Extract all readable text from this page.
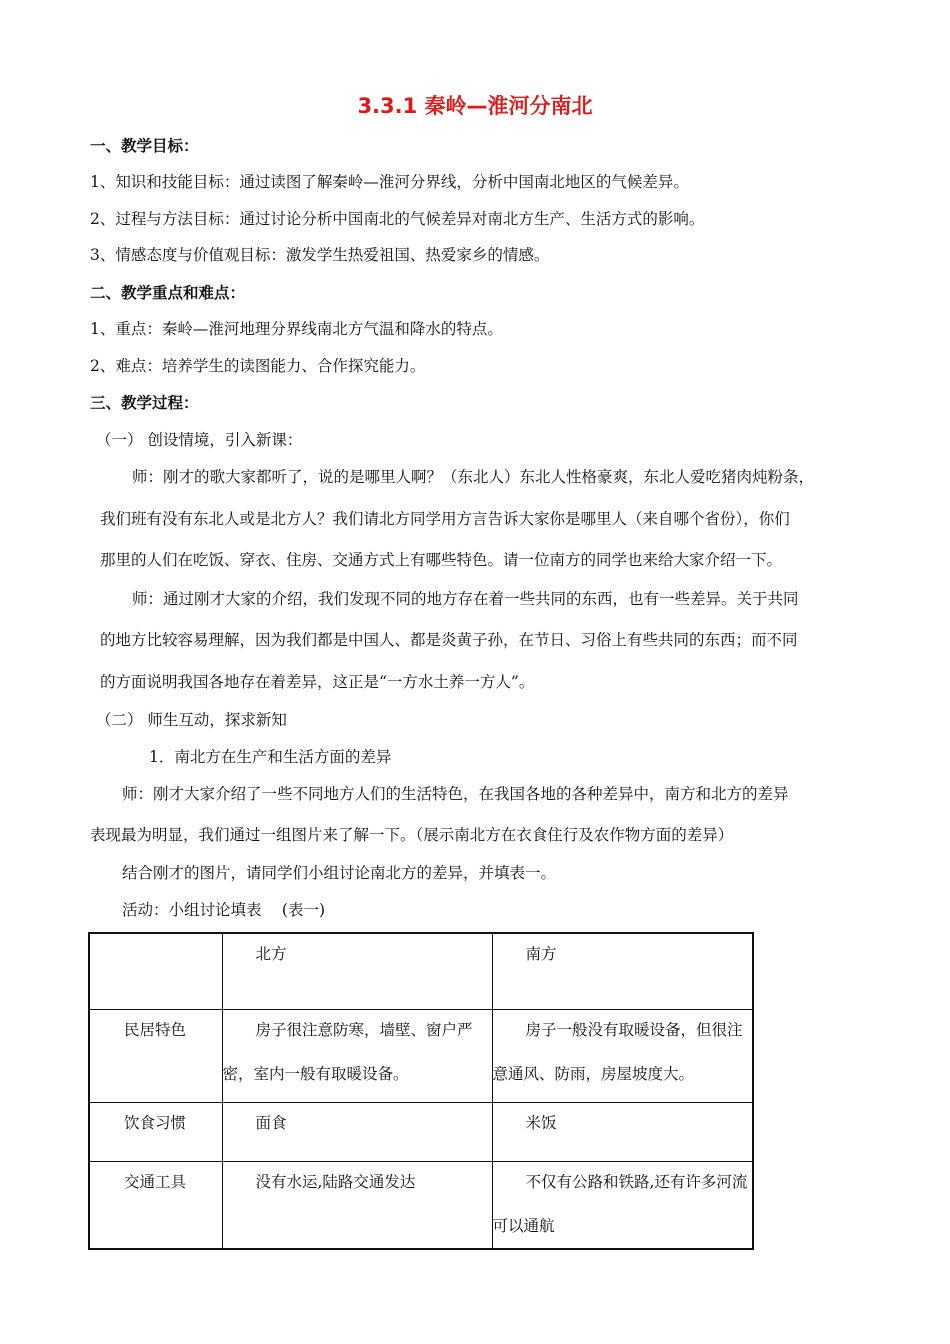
3.3.1 秦岭—淮河分南北
一、教学目标：
1、知识和技能目标：通过读图了解秦岭—淮河分界线，分析中国南北地区的气候差异。
2、过程与方法目标：通过讨论分析中国南北的气候差异对南北方生产、生活方式的影响。
3、情感态度与价值观目标：激发学生热爱祖国、热爱家乡的情感。
二、教学重点和难点：
1、重点：秦岭—淮河地理分界线南北方气温和降水的特点。
2、难点：培养学生的读图能力、合作探究能力。
三、教学过程：
（一） 创设情境，引入新课：
师：刚才的歌大家都听了，说的是哪里人啊？（东北人）东北人性格豪爽，东北人爱吃猪肉炖粉条，
我们班有没有东北人或是北方人？我们请北方同学用方言告诉大家你是哪里人（来自哪个省份），你们
那里的人们在吃饭、穿衣、住房、交通方式上有哪些特色。请一位南方的同学也来给大家介绍一下。
师：通过刚才大家的介绍，我们发现不同的地方存在着一些共同的东西，也有一些差异。关于共同
的地方比较容易理解，因为我们都是中国人、都是炎黄子孙，在节日、习俗上有些共同的东西；而不同
的方面说明我国各地存在着差异，这正是“一方水土养一方人”。
（二） 师生互动，探求新知
1．南北方在生产和生活方面的差异
师：刚才大家介绍了一些不同地方人们的生活特色，在我国各地的各种差异中，南方和北方的差异
表现最为明显，我们通过一组图片来了解一下。（展示南北方在衣食住行及农作物方面的差异）
结合刚才的图片，请同学们小组讨论南北方的差异，并填表一。
活动：小组讨论填表　 (表一)

	北方	南方

民居特色	房子很注意防寒，墙壁、窗户严密，室内一般有取暖设备。	房子一般没有取暖设备，但很注意通风、防雨，房屋坡度大。

饮食习惯	面食	米饭

交通工具	没有水运,陆路交通发达	不仅有公路和铁路,还有许多河流可以通航
